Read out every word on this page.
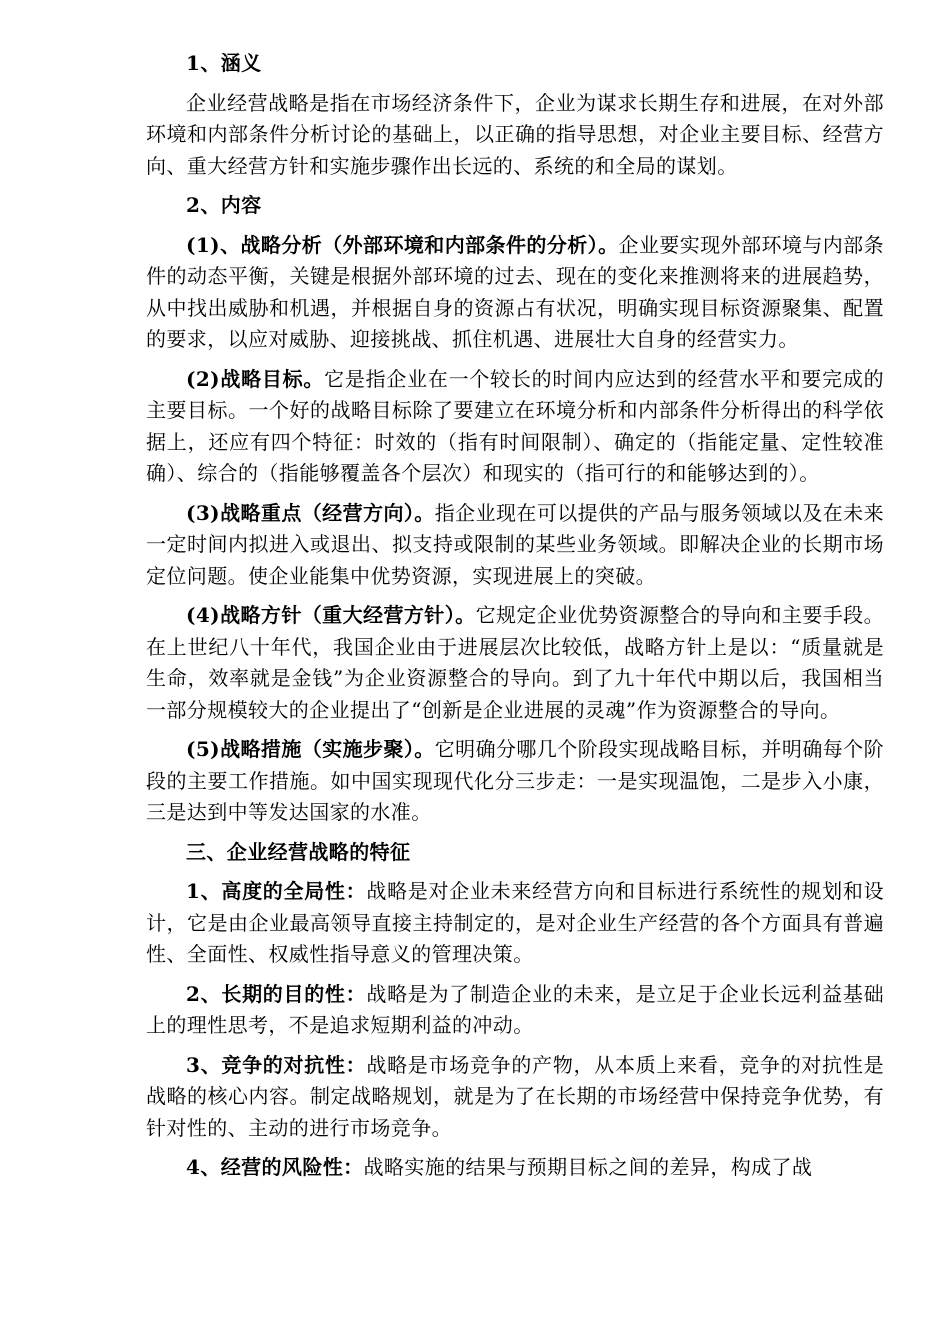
1、涵义

企业经营战略是指在市场经济条件下，企业为谋求长期生存和进展，在对外部环境和内部条件分析讨论的基础上，以正确的指导思想，对企业主要目标、经营方向、重大经营方针和实施步骤作出长远的、系统的和全局的谋划。

2、内容

(1)、战略分析（外部环境和内部条件的分析）。企业要实现外部环境与内部条件的动态平衡，关键是根据外部环境的过去、现在的变化来推测将来的进展趋势，从中找出威胁和机遇，并根据自身的资源占有状况，明确实现目标资源聚集、配置的要求，以应对威胁、迎接挑战、抓住机遇、进展壮大自身的经营实力。

(2)战略目标。它是指企业在一个较长的时间内应达到的经营水平和要完成的主要目标。一个好的战略目标除了要建立在环境分析和内部条件分析得出的科学依据上，还应有四个特征：时效的（指有时间限制）、确定的（指能定量、定性较准确）、综合的（指能够覆盖各个层次）和现实的（指可行的和能够达到的）。

(3)战略重点（经营方向）。指企业现在可以提供的产品与服务领域以及在未来一定时间内拟进入或退出、拟支持或限制的某些业务领域。即解决企业的长期市场定位问题。使企业能集中优势资源，实现进展上的突破。

(4)战略方针（重大经营方针）。它规定企业优势资源整合的导向和主要手段。在上世纪八十年代，我国企业由于进展层次比较低，战略方针上是以：“质量就是生命，效率就是金钱”为企业资源整合的导向。到了九十年代中期以后，我国相当一部分规模较大的企业提出了“创新是企业进展的灵魂”作为资源整合的导向。

(5)战略措施（实施步聚）。它明确分哪几个阶段实现战略目标，并明确每个阶段的主要工作措施。如中国实现现代化分三步走：一是实现温饱，二是步入小康，三是达到中等发达国家的水准。

三、企业经营战略的特征

1、高度的全局性：战略是对企业未来经营方向和目标进行系统性的规划和设计，它是由企业最高领导直接主持制定的，是对企业生产经营的各个方面具有普遍性、全面性、权威性指导意义的管理决策。

2、长期的目的性：战略是为了制造企业的未来，是立足于企业长远利益基础上的理性思考，不是追求短期利益的冲动。

3、竞争的对抗性：战略是市场竞争的产物，从本质上来看，竞争的对抗性是战略的核心内容。制定战略规划，就是为了在长期的市场经营中保持竞争优势，有针对性的、主动的进行市场竞争。

4、经营的风险性：战略实施的结果与预期目标之间的差异，构成了战
